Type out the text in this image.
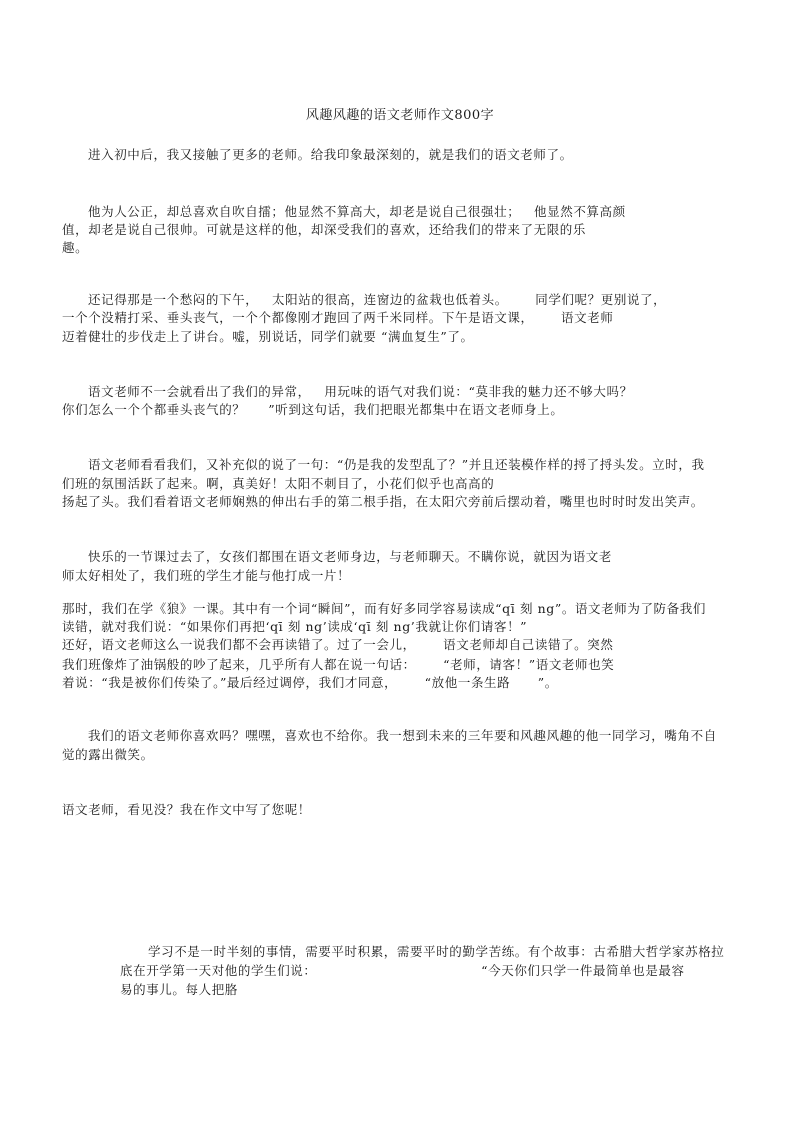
风趣风趣的语文老师作文800字
进入初中后，我又接触了更多的老师。给我印象最深刻的，就是我们的语文老师了。
他为人公正，却总喜欢自吹自擂；他显然不算高大，却老是说自己很强壮；   他显然不算高颜
值，却老是说自己很帅。可就是这样的他，却深受我们的喜欢，还给我们的带来了无限的乐
趣。
还记得那是一个愁闷的下午，   太阳站的很高，连窗边的盆栽也低着头。      同学们呢？更别说了，
一个个没精打采、垂头丧气，一个个都像刚才跑回了两千米同样。下午是语文课，      语文老师
迈着健壮的步伐走上了讲台。嘘，别说话，同学们就要 “满血复生”了。
语文老师不一会就看出了我们的异常，   用玩味的语气对我们说：“莫非我的魅力还不够大吗？
你们怎么一个个都垂头丧气的？     ”听到这句话，我们把眼光都集中在语文老师身上。
语文老师看看我们，又补充似的说了一句：“仍是我的发型乱了？”并且还装模作样的捋了捋头发。立时，我
们班的氛围活跃了起来。啊，真美好！太阳不刺目了，小花们似乎也高高的
扬起了头。我们看着语文老师娴熟的伸出右手的第二根手指，在太阳穴旁前后摆动着，嘴里也时时时发出笑声。
快乐的一节课过去了，女孩们都围在语文老师身边，与老师聊天。不瞒你说，就因为语文老
师太好相处了，我们班的学生才能与他打成一片！
那时，我们在学《狼》一课。其中有一个词“瞬间”，而有好多同学容易读成“qī 刻 ng”。语文老师为了防备我们
读错，就对我们说：“如果你们再把‘qī 刻 ng’读成‘qī 刻 ng’我就让你们请客！”
还好，语文老师这么一说我们都不会再读错了。过了一会儿，      语文老师却自己读错了。突然
我们班像炸了油锅般的吵了起来，几乎所有人都在说一句话：      “老师，请客！”语文老师也笑
着说：“我是被你们传染了。”最后经过调停，我们才同意，      “放他一条生路      ”。
我们的语文老师你喜欢吗？嘿嘿，喜欢也不给你。我一想到未来的三年要和风趣风趣的他一同学习，嘴角不自
觉的露出微笑。
语文老师，看见没？我在作文中写了您呢！
学习不是一时半刻的事情，需要平时积累，需要平时的勤学苦练。有个故事：古希腊大哲学家苏格拉
底在开学第一天对他的学生们说：                                    “今天你们只学一件最简单也是最容
易的事儿。每人把胳
